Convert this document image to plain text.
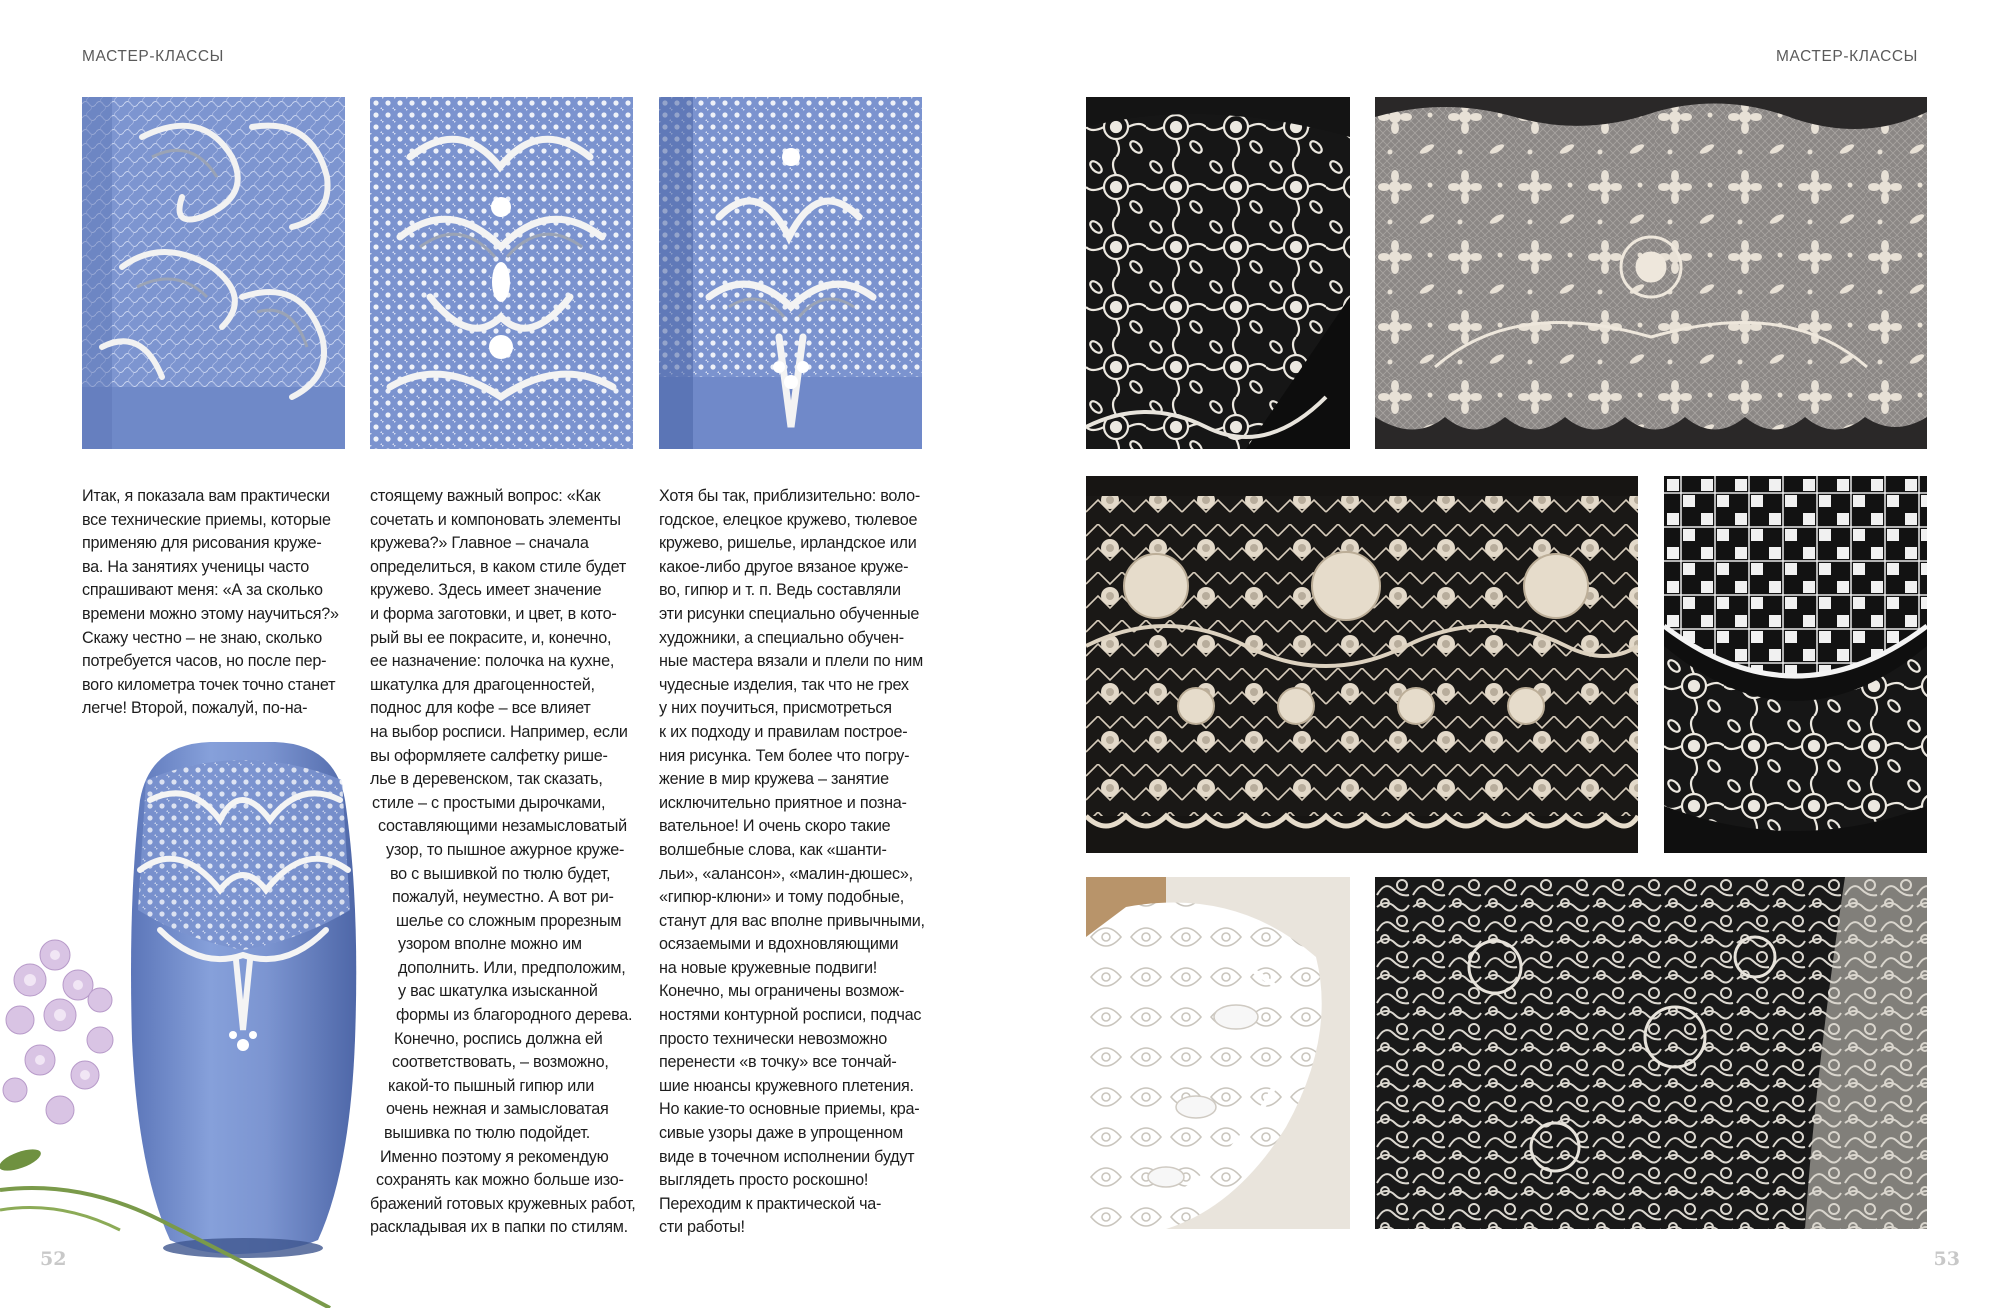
МАСТЕР-КЛАССЫ

Итак, я показала вам практически

все технические приемы, которые

применяю для рисования круже-

ва. На занятиях ученицы часто

спрашивают меня: «А за сколько

времени можно этому научиться?»

Скажу честно – не знаю, сколько

потребуется часов, но после пер-

вого километра точек точно станет

легче! Второй, пожалуй, по-на-

стоящему важный вопрос: «Как

сочетать и компоновать элементы

кружева?» Главное – сначала

определиться, в каком стиле будет

кружево. Здесь имеет значение

и форма заготовки, и цвет, в кото-

рый вы ее покрасите, и, конечно,

ее назначение: полочка на кухне,

шкатулка для драгоценностей,

поднос для кофе – все влияет

на выбор росписи. Например, если

вы оформляете салфетку ришe-

лье в деревенском, так сказать,

стиле – с простыми дырочками,

составляющими незамысловатый

узор, то пышное ажурное круже-

во с вышивкой по тюлю будет,

пожалуй, неуместно. А вот ри-

шелье со сложным прорезным

узором вполне можно им

дополнить. Или, предположим,

у вас шкатулка изысканной

формы из благородного дерева.

Конечно, роспись должна ей

соответствовать, – возможно,

какой-то пышный гипюр или

очень нежная и замысловатая

вышивка по тюлю подойдет.

Именно поэтому я рекомендую

сохранять как можно больше изо-

бражений готовых кружевных работ,

раскладывая их в папки по стилям.

Хотя бы так, приблизительно: воло-

годское, елецкое кружево, тюлевое

кружево, ришелье, ирландское или

какое-либо другое вязаное круже-

во, гипюр и т. п. Ведь составляли

эти рисунки специально обученные

художники, а специально обучен-

ные мастера вязали и плели по ним

чудесные изделия, так что не грех

у них поучиться, присмотреться

к их подходу и правилам построе-

ния рисунка. Тем более что погру-

жение в мир кружева – занятие

исключительно приятное и позна-

вательное! И очень скоро такие

волшебные слова, как «шанти-

льи», «алансон», «малин-дюшес»,

«гипюр-клюни» и тому подобные,

станут для вас вполне привычными,

осязаемыми и вдохновляющими

на новые кружевные подвиги!

Конечно, мы ограничены возмож-

ностями контурной росписи, подчас

просто технически невозможно

перенести «в точку» все тончай-

шие нюансы кружевного плетения.

Но какие-то основные приемы, кра-

сивые узоры даже в упрощенном

виде в точечном исполнении будут

выглядеть просто роскошно!

Переходим к практической ча-

сти работы!

52
МАСТЕР-КЛАССЫ
53
